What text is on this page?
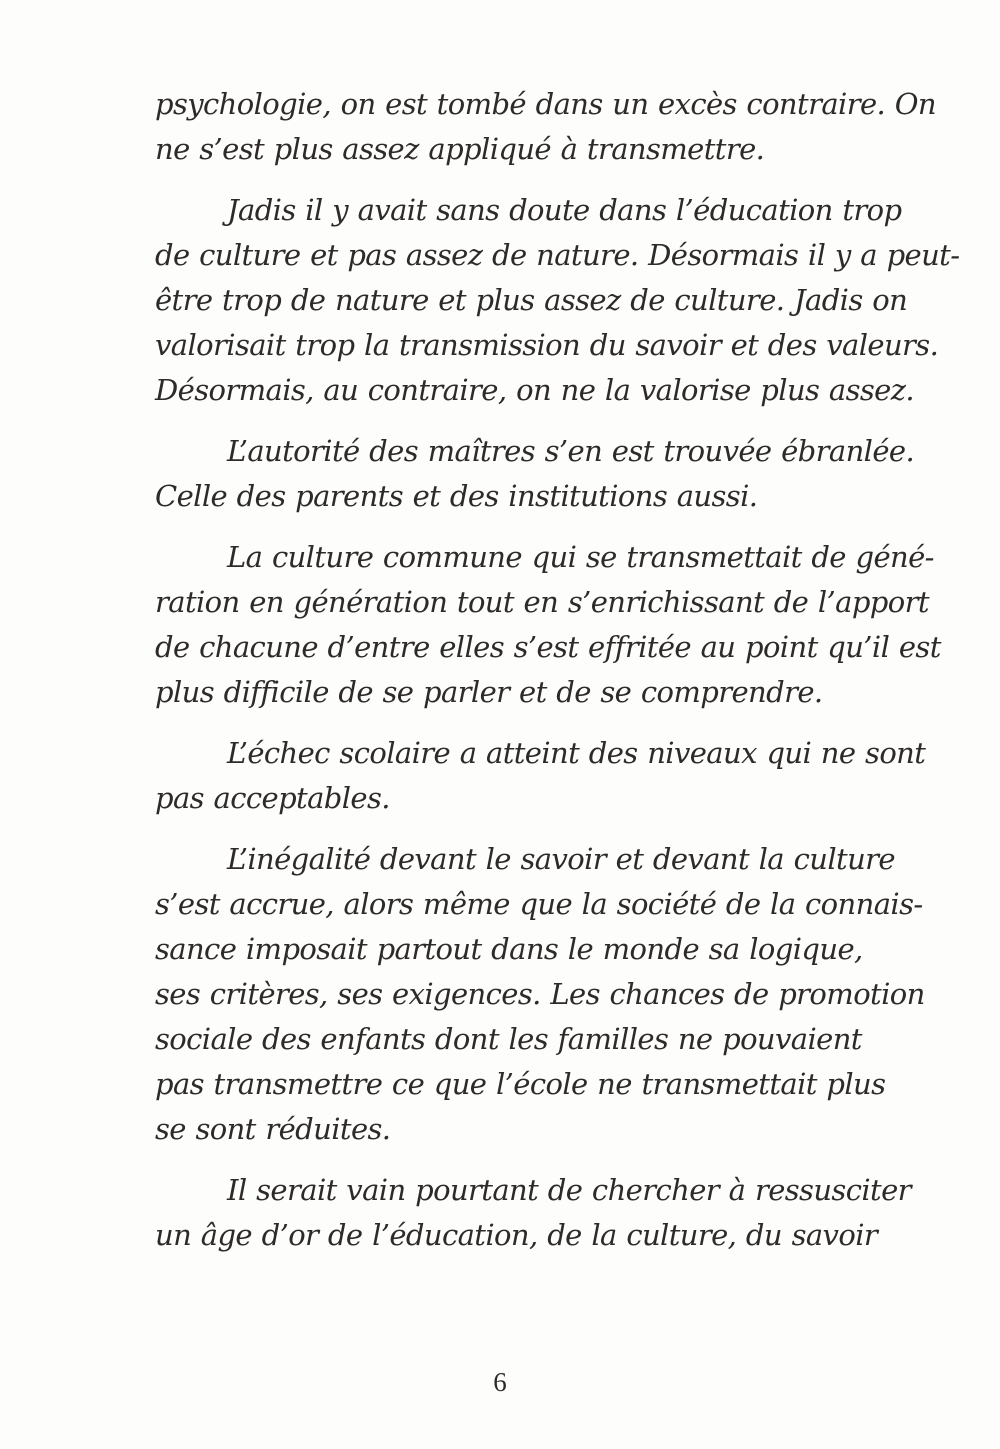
psychologie, on est tombé dans un excès contraire. On
ne s’est plus assez appliqué à transmettre.

Jadis il y avait sans doute dans l’éducation trop
de culture et pas assez de nature. Désormais il y a peut-
être trop de nature et plus assez de culture. Jadis on
valorisait trop la transmission du savoir et des valeurs.
Désormais, au contraire, on ne la valorise plus assez.

L’autorité des maîtres s’en est trouvée ébranlée.
Celle des parents et des institutions aussi.

La culture commune qui se transmettait de géné-
ration en génération tout en s’enrichissant de l’apport
de chacune d’entre elles s’est effritée au point qu’il est
plus difficile de se parler et de se comprendre.

L’échec scolaire a atteint des niveaux qui ne sont
pas acceptables.

L’inégalité devant le savoir et devant la culture
s’est accrue, alors même que la société de la connais-
sance imposait partout dans le monde sa logique,
ses critères, ses exigences. Les chances de promotion
sociale des enfants dont les familles ne pouvaient
pas transmettre ce que l’école ne transmettait plus
se sont réduites.

Il serait vain pourtant de chercher à ressusciter
un âge d’or de l’éducation, de la culture, du savoir

6
